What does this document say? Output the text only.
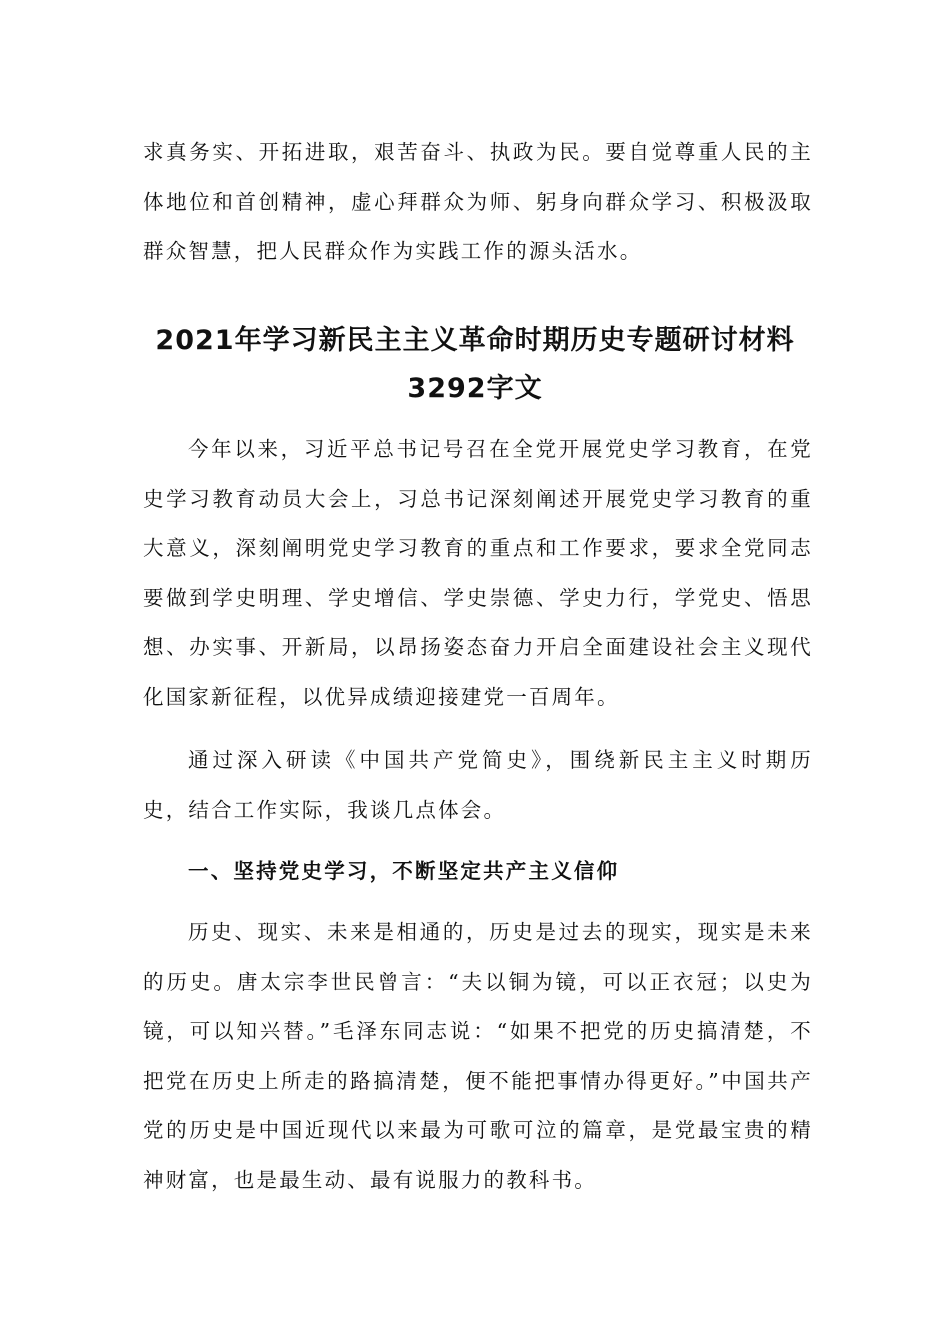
求真务实、开拓进取，艰苦奋斗、执政为民。要自觉尊重人民的主体地位和首创精神，虚心拜群众为师、躬身向群众学习、积极汲取群众智慧，把人民群众作为实践工作的源头活水。

2021年学习新民主主义革命时期历史专题研讨材料
3292字文

今年以来，习近平总书记号召在全党开展党史学习教育，在党史学习教育动员大会上，习总书记深刻阐述开展党史学习教育的重大意义，深刻阐明党史学习教育的重点和工作要求，要求全党同志要做到学史明理、学史增信、学史崇德、学史力行，学党史、悟思想、办实事、开新局，以昂扬姿态奋力开启全面建设社会主义现代化国家新征程，以优异成绩迎接建党一百周年。

通过深入研读《中国共产党简史》，围绕新民主主义时期历史，结合工作实际，我谈几点体会。

一、坚持党史学习，不断坚定共产主义信仰

历史、现实、未来是相通的，历史是过去的现实，现实是未来的历史。唐太宗李世民曾言：“夫以铜为镜，可以正衣冠；以史为镜，可以知兴替。”毛泽东同志说：“如果不把党的历史搞清楚，不把党在历史上所走的路搞清楚，便不能把事情办得更好。”中国共产党的历史是中国近现代以来最为可歌可泣的篇章，是党最宝贵的精神财富，也是最生动、最有说服力的教科书。
